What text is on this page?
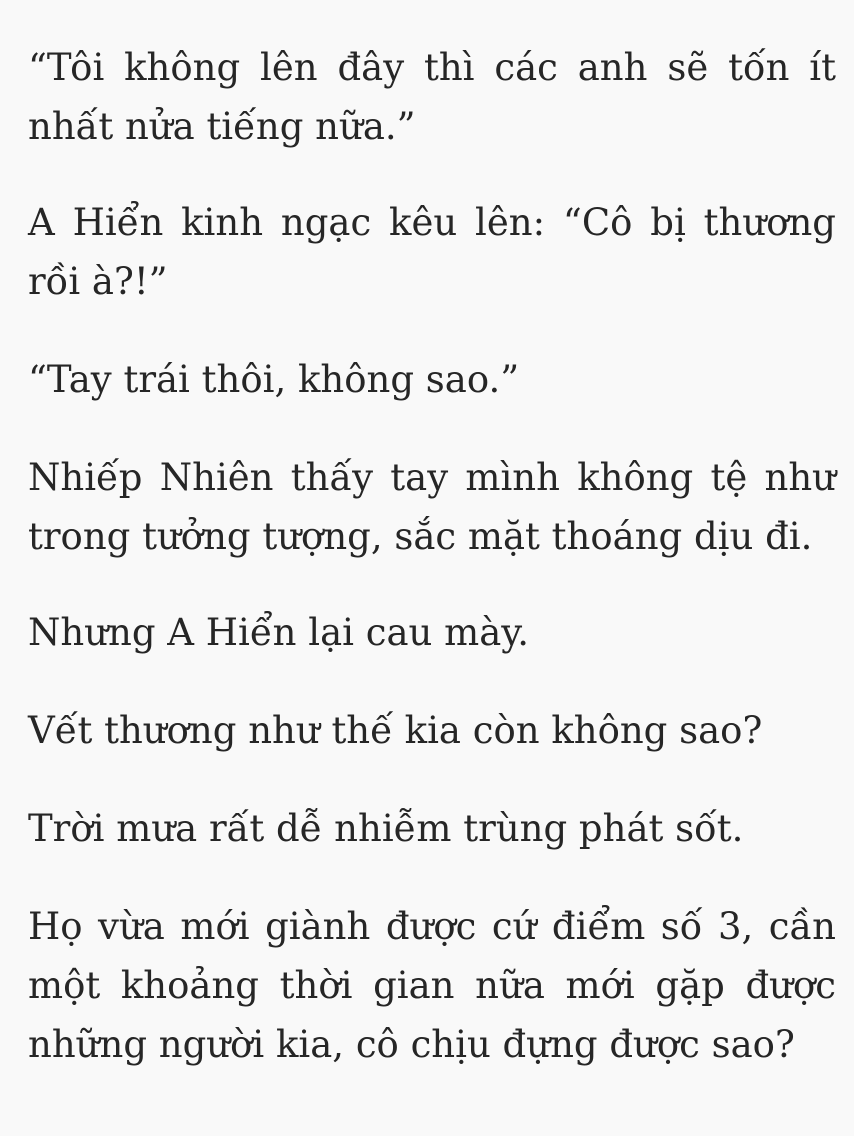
“Tôi không lên đây thì các anh sẽ tốn ít nhất nửa tiếng nữa.”

A Hiển kinh ngạc kêu lên: “Cô bị thương rồi à?!”

“Tay trái thôi, không sao.”

Nhiếp Nhiên thấy tay mình không tệ như trong tưởng tượng, sắc mặt thoáng dịu đi.

Nhưng A Hiển lại cau mày.

Vết thương như thế kia còn không sao?

Trời mưa rất dễ nhiễm trùng phát sốt.

Họ vừa mới giành được cứ điểm số 3, cần một khoảng thời gian nữa mới gặp được những người kia, cô chịu đựng được sao?
